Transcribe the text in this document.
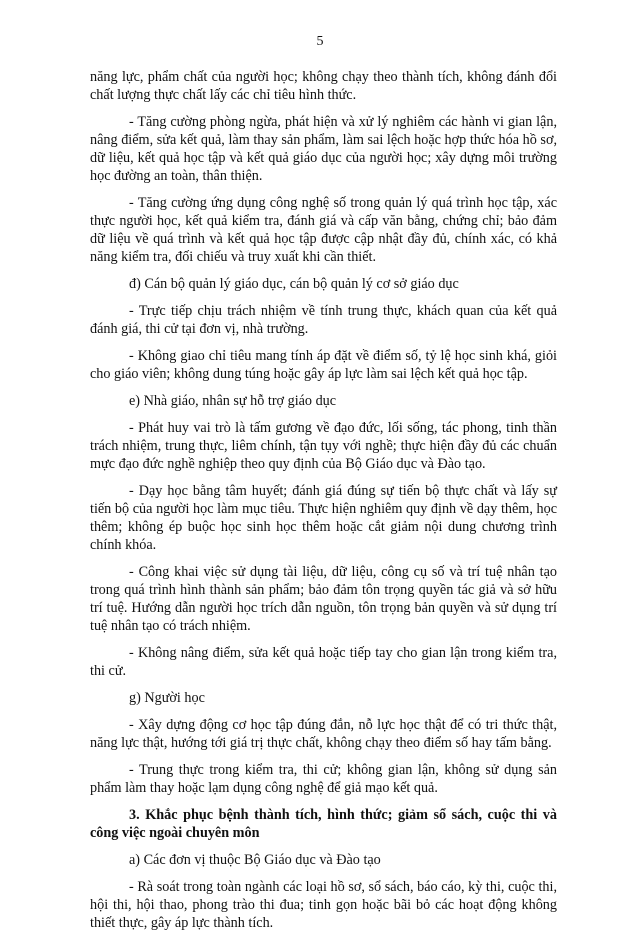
5

năng lực, phẩm chất của người học; không chạy theo thành tích, không đánh đổi chất lượng thực chất lấy các chỉ tiêu hình thức.

- Tăng cường phòng ngừa, phát hiện và xử lý nghiêm các hành vi gian lận, nâng điểm, sửa kết quả, làm thay sản phẩm, làm sai lệch hoặc hợp thức hóa hồ sơ, dữ liệu, kết quả học tập và kết quả giáo dục của người học; xây dựng môi trường học đường an toàn, thân thiện.

- Tăng cường ứng dụng công nghệ số trong quản lý quá trình học tập, xác thực người học, kết quả kiểm tra, đánh giá và cấp văn bằng, chứng chỉ; bảo đảm dữ liệu về quá trình và kết quả học tập được cập nhật đầy đủ, chính xác, có khả năng kiểm tra, đối chiếu và truy xuất khi cần thiết.

đ) Cán bộ quản lý giáo dục, cán bộ quản lý cơ sở giáo dục

- Trực tiếp chịu trách nhiệm về tính trung thực, khách quan của kết quả đánh giá, thi cử tại đơn vị, nhà trường.

- Không giao chỉ tiêu mang tính áp đặt về điểm số, tỷ lệ học sinh khá, giỏi cho giáo viên; không dung túng hoặc gây áp lực làm sai lệch kết quả học tập.

e) Nhà giáo, nhân sự hỗ trợ giáo dục

- Phát huy vai trò là tấm gương về đạo đức, lối sống, tác phong, tinh thần trách nhiệm, trung thực, liêm chính, tận tụy với nghề; thực hiện đầy đủ các chuẩn mực đạo đức nghề nghiệp theo quy định của Bộ Giáo dục và Đào tạo.

- Dạy học bằng tâm huyết; đánh giá đúng sự tiến bộ thực chất và lấy sự tiến bộ của người học làm mục tiêu. Thực hiện nghiêm quy định về dạy thêm, học thêm; không ép buộc học sinh học thêm hoặc cắt giảm nội dung chương trình chính khóa.

- Công khai việc sử dụng tài liệu, dữ liệu, công cụ số và trí tuệ nhân tạo trong quá trình hình thành sản phẩm; bảo đảm tôn trọng quyền tác giả và sở hữu trí tuệ. Hướng dẫn người học trích dẫn nguồn, tôn trọng bản quyền và sử dụng trí tuệ nhân tạo có trách nhiệm.

- Không nâng điểm, sửa kết quả hoặc tiếp tay cho gian lận trong kiểm tra, thi cử.

g) Người học

- Xây dựng động cơ học tập đúng đắn, nỗ lực học thật để có tri thức thật, năng lực thật, hướng tới giá trị thực chất, không chạy theo điểm số hay tấm bằng.

- Trung thực trong kiểm tra, thi cử; không gian lận, không sử dụng sản phẩm làm thay hoặc lạm dụng công nghệ để giả mạo kết quả.

3. Khắc phục bệnh thành tích, hình thức; giảm sổ sách, cuộc thi và công việc ngoài chuyên môn

a) Các đơn vị thuộc Bộ Giáo dục và Đào tạo

- Rà soát trong toàn ngành các loại hồ sơ, sổ sách, báo cáo, kỳ thi, cuộc thi, hội thi, hội thao, phong trào thi đua; tinh gọn hoặc bãi bỏ các hoạt động không thiết thực, gây áp lực thành tích.
